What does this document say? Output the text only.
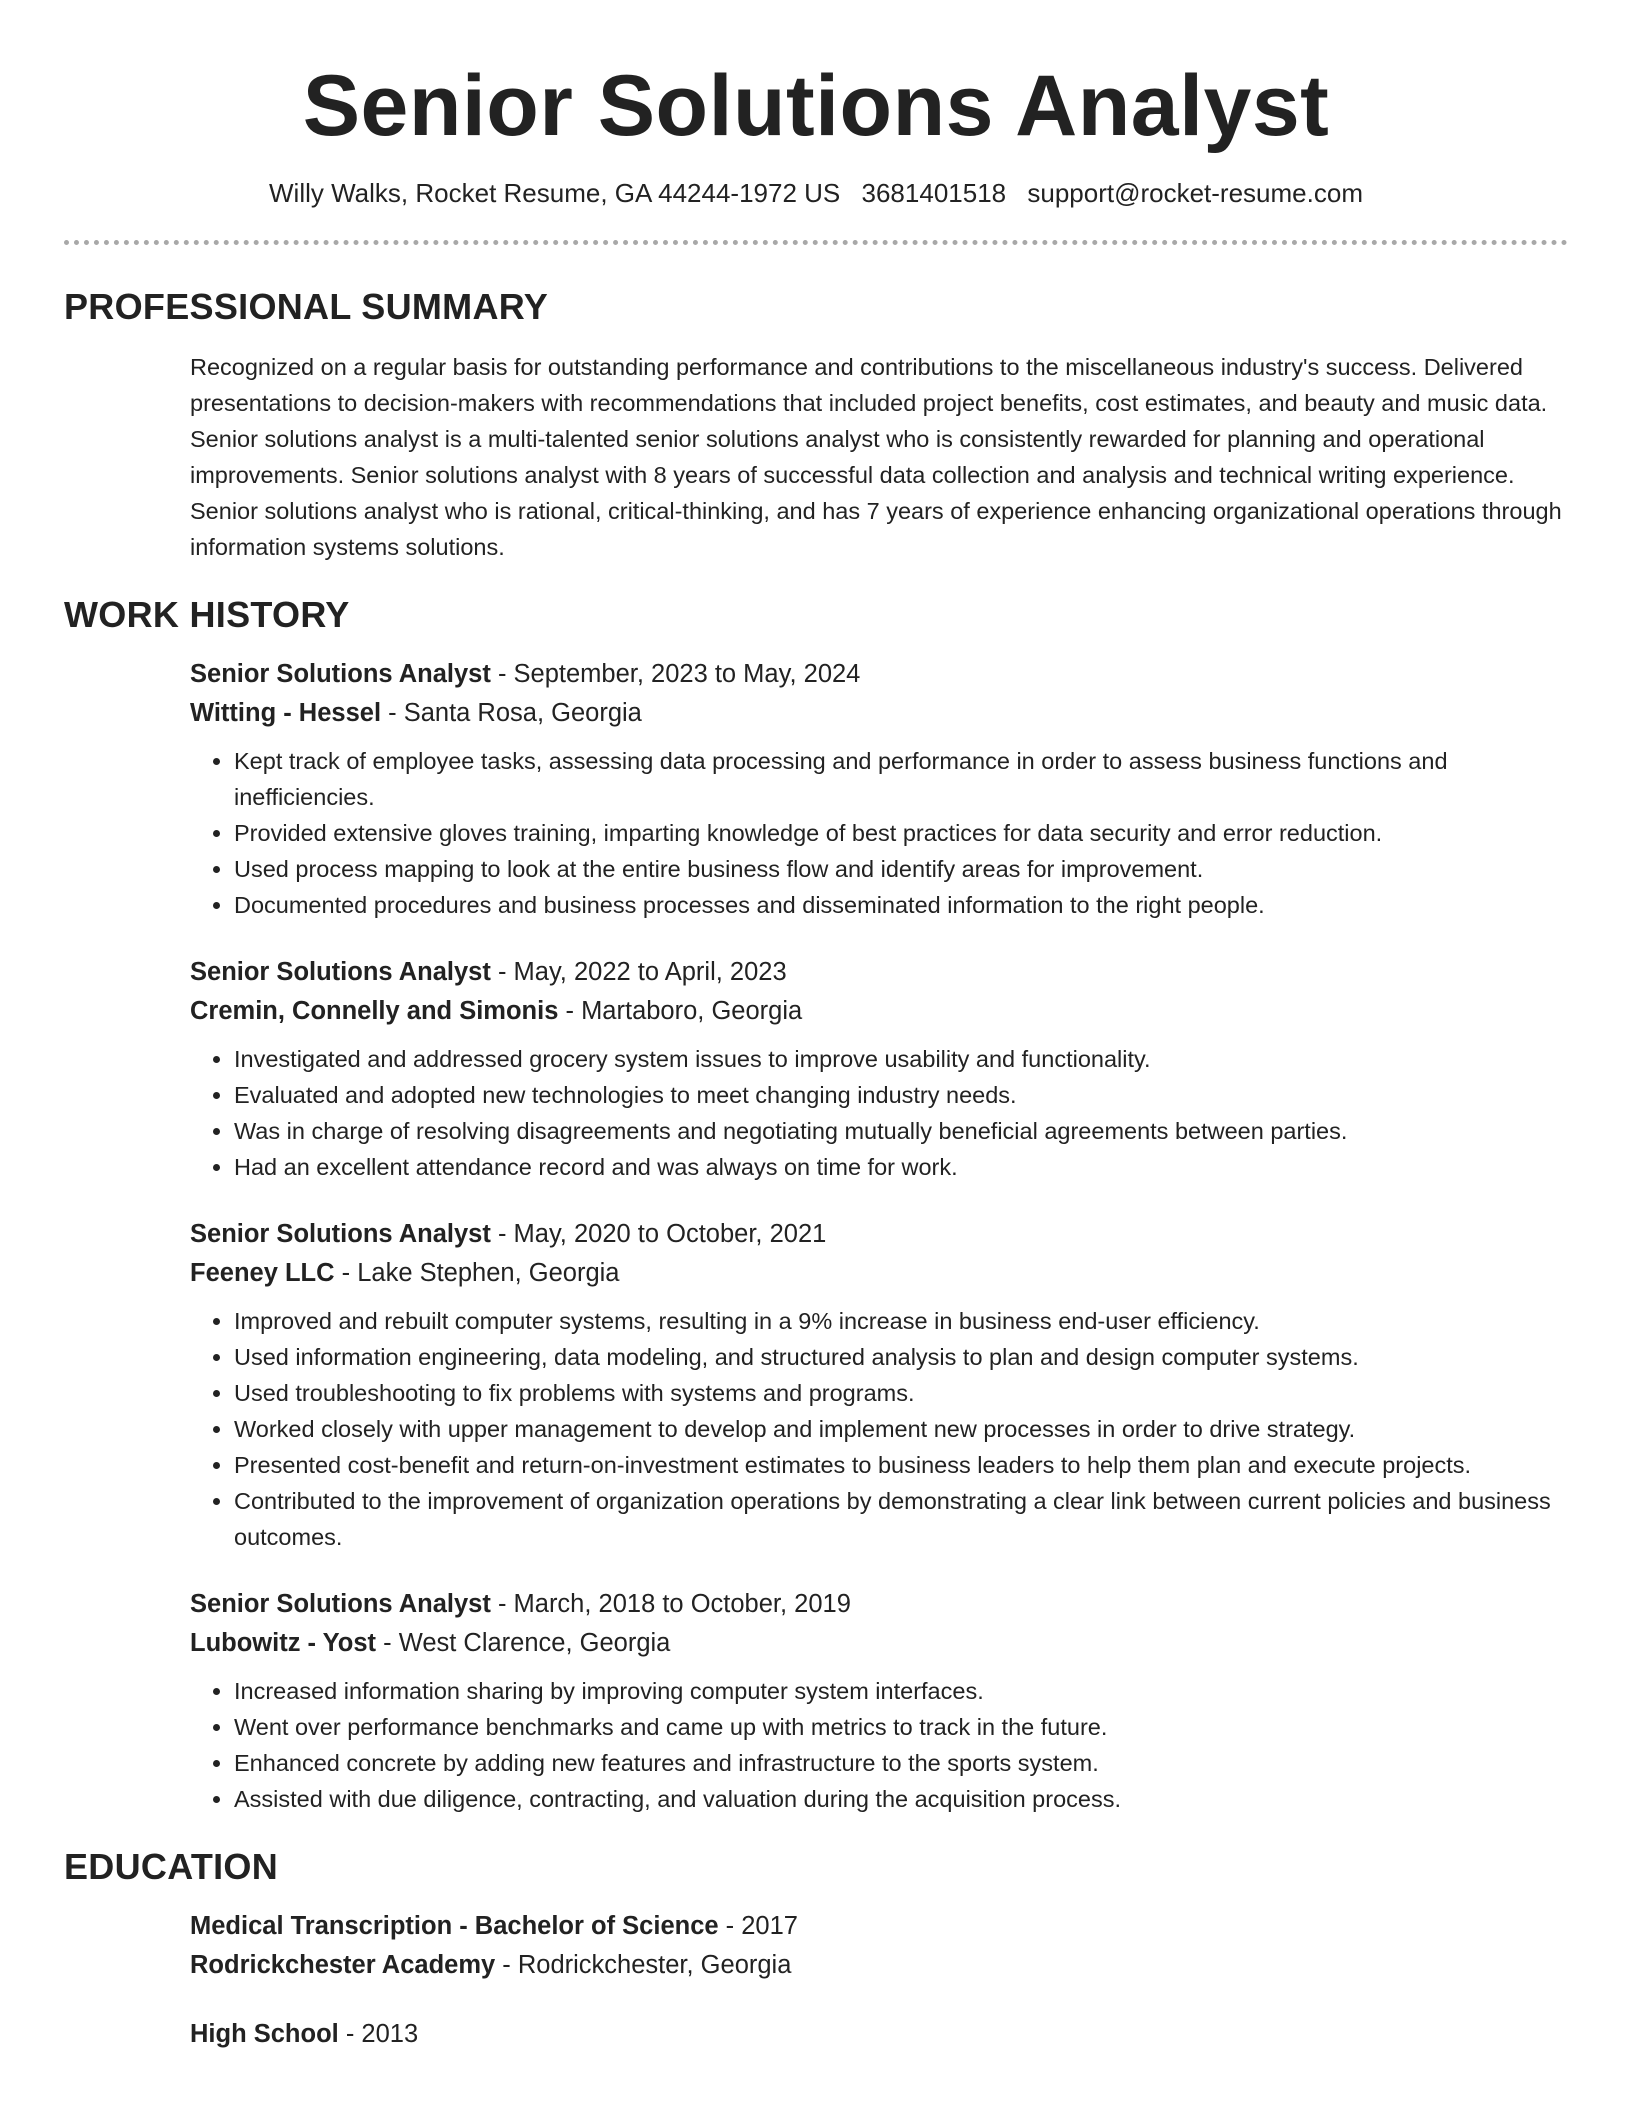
Senior Solutions Analyst
Willy Walks, Rocket Resume, GA 44244-1972 US 3681401518 support@rocket-resume.com
PROFESSIONAL SUMMARY

Recognized on a regular basis for outstanding performance and contributions to the miscellaneous industry's success. Delivered presentations to decision-makers with recommendations that included project benefits, cost estimates, and beauty and music data. Senior solutions analyst is a multi-talented senior solutions analyst who is consistently rewarded for planning and operational improvements. Senior solutions analyst with 8 years of successful data collection and analysis and technical writing experience. Senior solutions analyst who is rational, critical-thinking, and has 7 years of experience enhancing organizational operations through information systems solutions.

WORK HISTORY
Senior Solutions Analyst - September, 2023 to May, 2024
Witting - Hessel - Santa Rosa, Georgia
• Kept track of employee tasks, assessing data processing and performance in order to assess business functions and inefficiencies.
• Provided extensive gloves training, imparting knowledge of best practices for data security and error reduction.
• Used process mapping to look at the entire business flow and identify areas for improvement.
• Documented procedures and business processes and disseminated information to the right people.
Senior Solutions Analyst - May, 2022 to April, 2023
Cremin, Connelly and Simonis - Martaboro, Georgia
• Investigated and addressed grocery system issues to improve usability and functionality.
• Evaluated and adopted new technologies to meet changing industry needs.
• Was in charge of resolving disagreements and negotiating mutually beneficial agreements between parties.
• Had an excellent attendance record and was always on time for work.
Senior Solutions Analyst - May, 2020 to October, 2021
Feeney LLC - Lake Stephen, Georgia
• Improved and rebuilt computer systems, resulting in a 9% increase in business end-user efficiency.
• Used information engineering, data modeling, and structured analysis to plan and design computer systems.
• Used troubleshooting to fix problems with systems and programs.
• Worked closely with upper management to develop and implement new processes in order to drive strategy.
• Presented cost-benefit and return-on-investment estimates to business leaders to help them plan and execute projects.
• Contributed to the improvement of organization operations by demonstrating a clear link between current policies and business outcomes.
Senior Solutions Analyst - March, 2018 to October, 2019
Lubowitz - Yost - West Clarence, Georgia
• Increased information sharing by improving computer system interfaces.
• Went over performance benchmarks and came up with metrics to track in the future.
• Enhanced concrete by adding new features and infrastructure to the sports system.
• Assisted with due diligence, contracting, and valuation during the acquisition process.
EDUCATION
Medical Transcription - Bachelor of Science - 2017
Rodrickchester Academy - Rodrickchester, Georgia
High School - 2013
